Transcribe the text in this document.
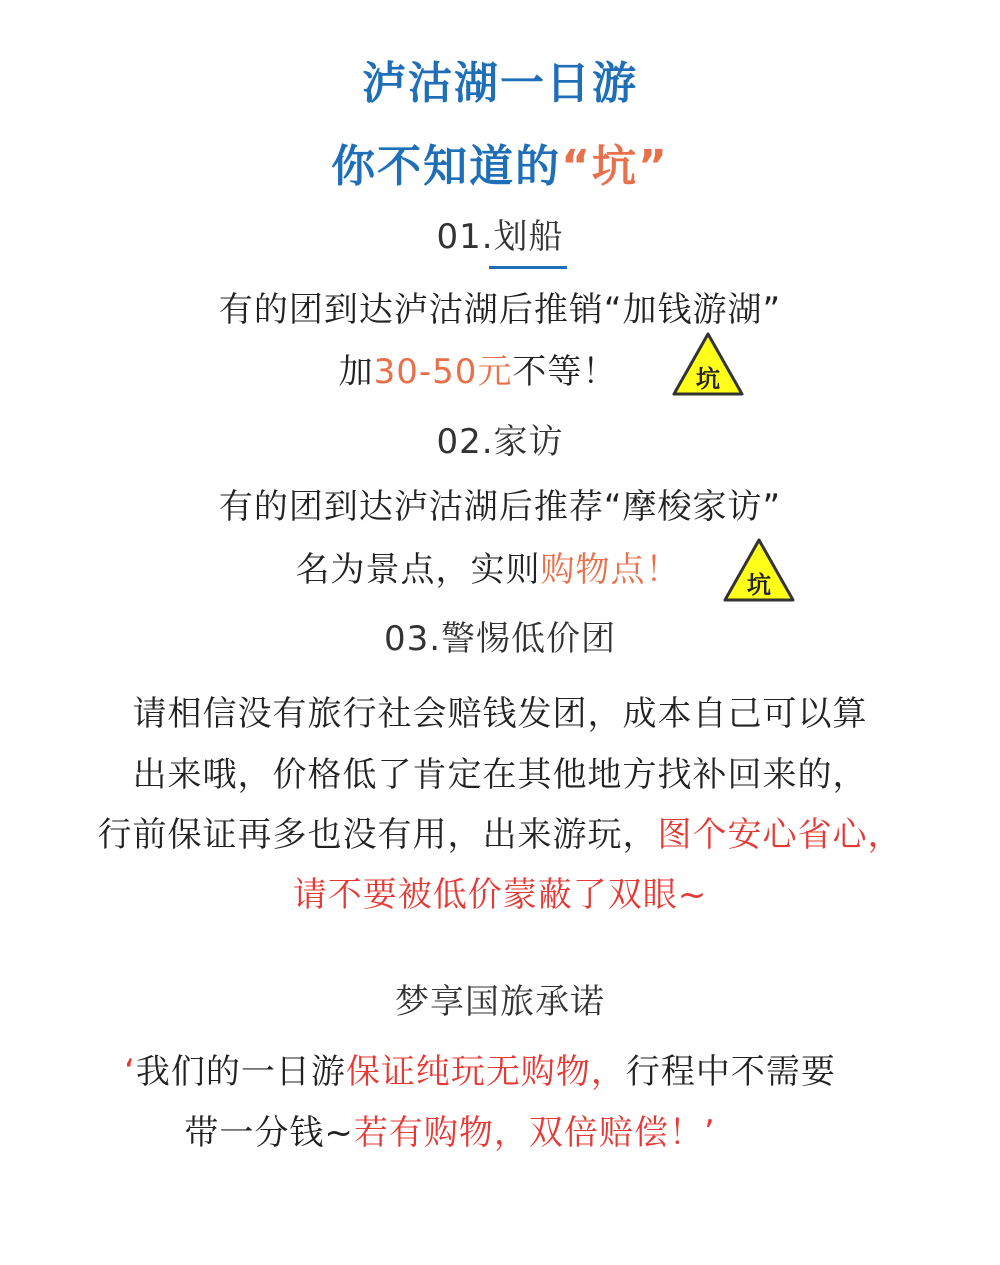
泸沽湖一日游
你不知道的“坑”
01.划船
有的团到达泸沽湖后推销“加钱游湖”
加30-50元不等！	坑
02.家访
有的团到达泸沽湖后推荐“摩梭家访”
名为景点，实则购物点！	坑
03.警惕低价团
请相信没有旅行社会赔钱发团，成本自己可以算
出来哦，价格低了肯定在其他地方找补回来的，
行前保证再多也没有用，出来游玩，图个安心省心，
请不要被低价蒙蔽了双眼~
梦享国旅承诺
‘我们的一日游保证纯玩无购物，行程中不需要
带一分钱~若有购物，双倍赔偿！’
